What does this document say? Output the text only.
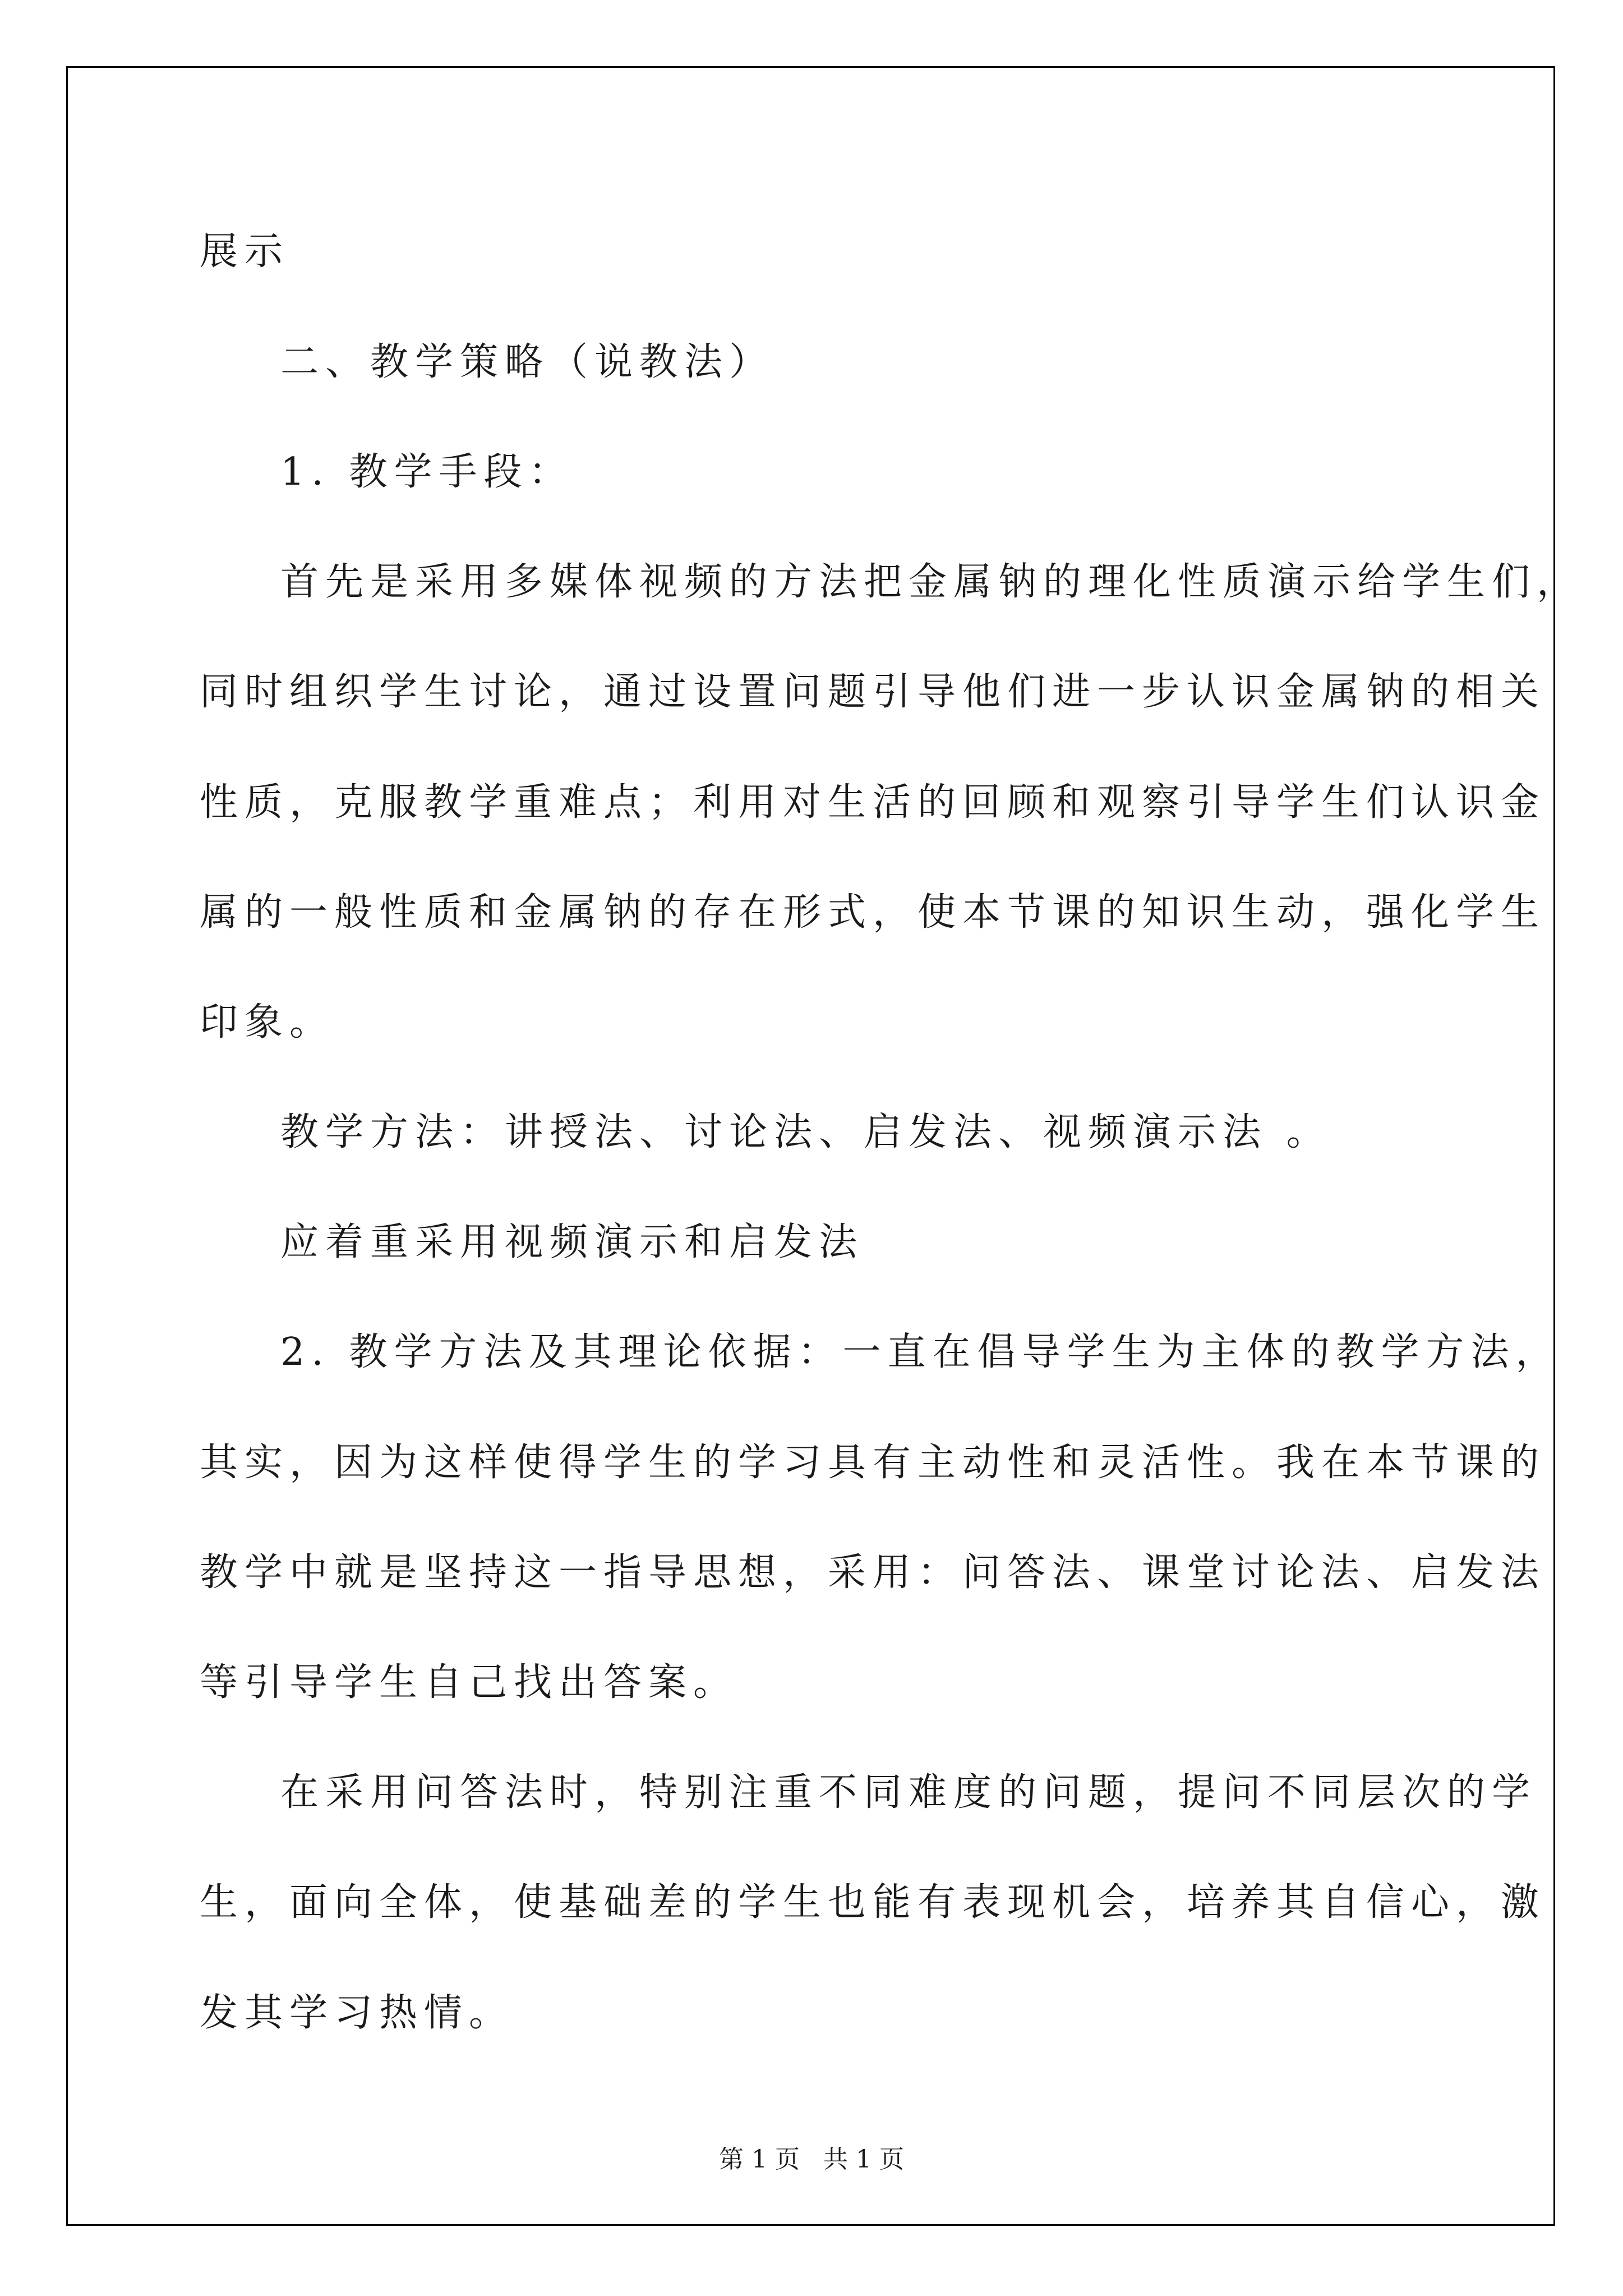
展示
二、教学策略（说教法）
1. 教学手段：
首先是采用多媒体视频的方法把金属钠的理化性质演示给学生们，
同时组织学生讨论，通过设置问题引导他们进一步认识金属钠的相关
性质，克服教学重难点；利用对生活的回顾和观察引导学生们认识金
属的一般性质和金属钠的存在形式，使本节课的知识生动，强化学生
印象。
教学方法：讲授法、讨论法、启发法、视频演示法 。
应着重采用视频演示和启发法
2. 教学方法及其理论依据：一直在倡导学生为主体的教学方法，
其实，因为这样使得学生的学习具有主动性和灵活性。我在本节课的
教学中就是坚持这一指导思想，采用：问答法、课堂讨论法、启发法
等引导学生自己找出答案。
在采用问答法时，特别注重不同难度的问题，提问不同层次的学
生，面向全体，使基础差的学生也能有表现机会，培养其自信心，激
发其学习热情。
第 1 页   共 1 页
